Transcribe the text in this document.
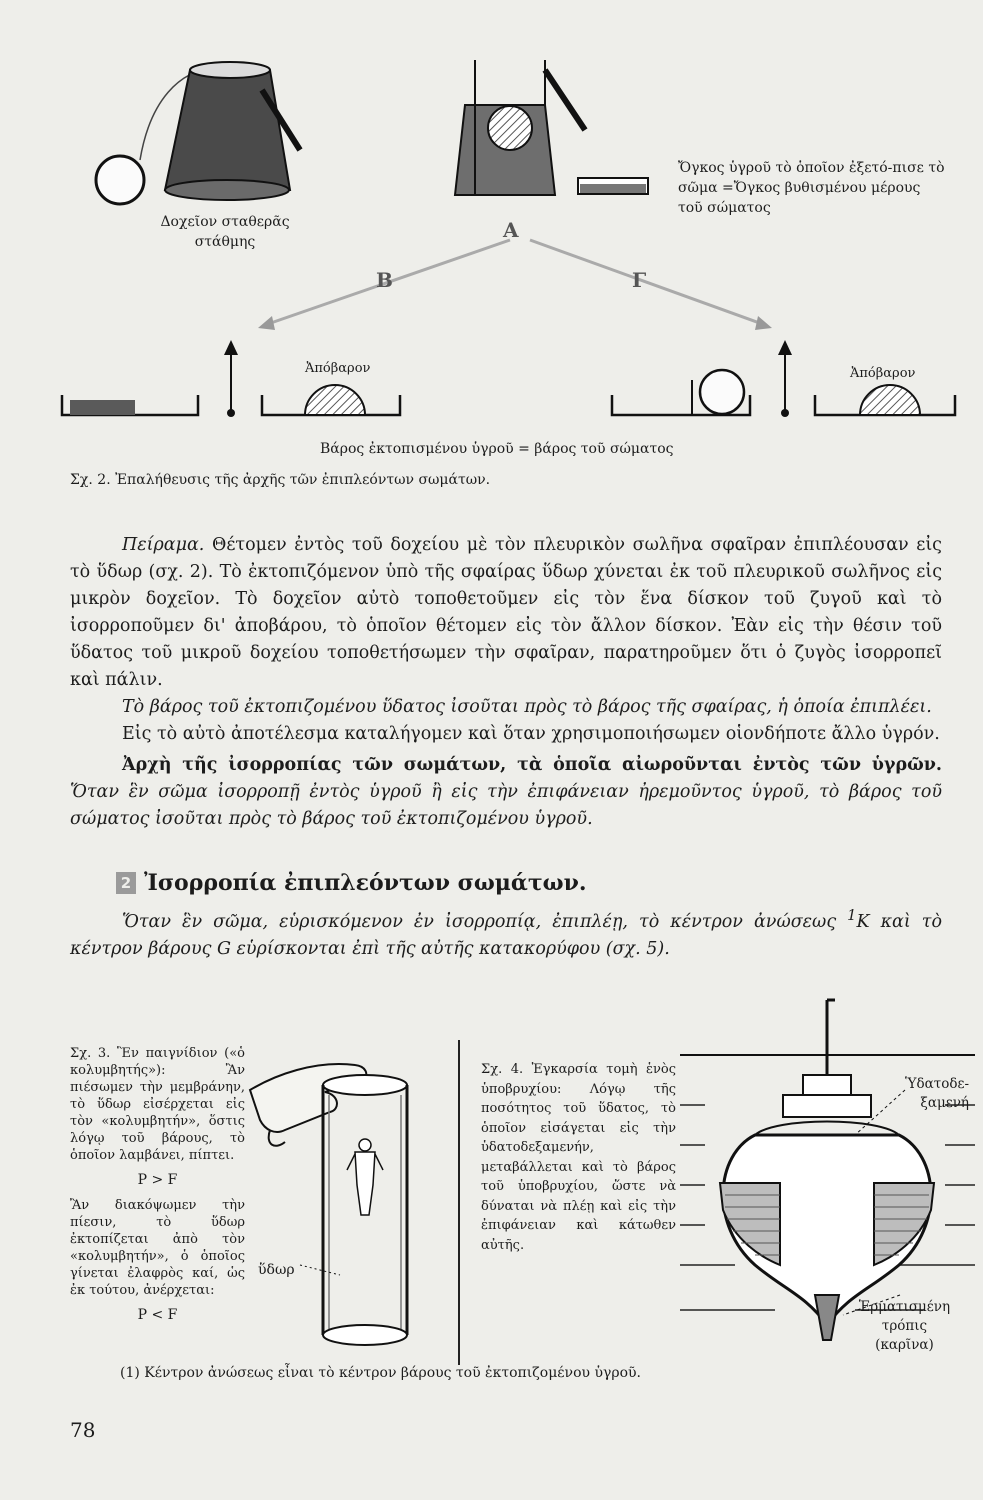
Δοχεῖον σταθερᾶς στάθμης
Ὄγκος ὑγροῦ τὸ ὁποῖον ἐξετό-πισε τὸ σῶμα =Ὄγκος βυθισμένου μέρους τοῦ σώματος
A
B	Γ
Ἀπόβαρον	Ἀπόβαρον
Βάρος ἐκτοπισμένου ὑγροῦ = βάρος τοῦ σώματος
Σχ. 2. Ἐπαλήθευσις τῆς ἀρχῆς τῶν ἐπιπλεόντων σωμάτων.

Πείραμα. Θέτομεν ἐντὸς τοῦ δοχείου μὲ τὸν πλευρικὸν σωλῆνα σφαῖραν ἐπιπλέουσαν εἰς τὸ ὕδωρ (σχ. 2). Τὸ ἐκτοπιζόμενον ὑπὸ τῆς σφαίρας ὕδωρ χύνεται ἐκ τοῦ πλευρικοῦ σωλῆνος εἰς μικρὸν δοχεῖον. Τὸ δοχεῖον αὐτὸ τοποθετοῦμεν εἰς τὸν ἕνα δίσκον τοῦ ζυγοῦ καὶ τὸ ἰσορροποῦμεν δι' ἀποβάρου, τὸ ὁποῖον θέτομεν εἰς τὸν ἄλλον δίσκον. Ἐὰν εἰς τὴν θέσιν τοῦ ὕδατος τοῦ μικροῦ δοχείου τοποθετήσωμεν τὴν σφαῖραν, παρατηροῦμεν ὅτι ὁ ζυγὸς ἰσορροπεῖ καὶ πάλιν.

Τὸ βάρος τοῦ ἐκτοπιζομένου ὕδατος ἰσοῦται πρὸς τὸ βάρος τῆς σφαίρας, ἡ ὁποία ἐπιπλέει.

Εἰς τὸ αὐτὸ ἀποτέλεσμα καταλήγομεν καὶ ὅταν χρησιμοποιήσωμεν οἱονδήποτε ἄλλο ὑγρόν.

Ἀρχὴ τῆς ἰσορροπίας τῶν σωμάτων, τὰ ὁποῖα αἰωροῦνται ἐντὸς τῶν ὑγρῶν. Ὅταν ἓν σῶμα ἰσορροπῇ ἐντὸς ὑγροῦ ἢ εἰς τὴν ἐπιφάνειαν ἠρεμοῦντος ὑγροῦ, τὸ βάρος τοῦ σώματος ἰσοῦται πρὸς τὸ βάρος τοῦ ἐκτοπιζομένου ὑγροῦ.

2 Ἰσορροπία ἐπιπλεόντων σωμάτων.

Ὅταν ἓν σῶμα, εὑρισκόμενον ἐν ἰσορροπίᾳ, ἐπιπλέῃ, τὸ κέντρον ἀνώσεως $^1$K καὶ τὸ κέντρον βάρους G εὑρίσκονται ἐπὶ τῆς αὐτῆς κατακορύφου (σχ. 5).

Σχ. 3. Ἓν παιγνίδιον («ὁ κολυμβητής»): Ἂν πιέσωμεν τὴν μεμβράνην, τὸ ὕδωρ εἰσέρχεται εἰς τὸν «κολυμβητήν», ὅστις λόγῳ τοῦ βάρους, τὸ ὁποῖον λαμβάνει, πίπτει.
P > F
Ἂν διακόψωμεν τὴν πίεσιν, τὸ ὕδωρ ἐκτοπίζεται ἀπὸ τὸν «κολυμβητήν», ὁ ὁποῖος γίνεται ἐλαφρὸς καί, ὡς ἐκ τούτου, ἀνέρχεται:
P < F
ὕδωρ
Σχ. 4. Ἐγκαρσία τομὴ ἑνὸς ὑποβρυχίου: Λόγῳ τῆς ποσότητος τοῦ ὕδατος, τὸ ὁποῖον εἰσάγεται εἰς τὴν ὑδατοδεξαμενήν, μεταβάλλεται καὶ τὸ βάρος τοῦ ὑποβρυχίου, ὥστε νὰ δύναται νὰ πλέῃ καὶ εἰς τὴν ἐπιφάνειαν καὶ κάτωθεν αὐτῆς.
Ὑδατοδε-
ξαμενή
Ἑρματισμένη
τρόπις
(καρῖνα)
(1) Κέντρον ἀνώσεως εἶναι τὸ κέντρον βάρους τοῦ ἐκτοπιζομένου ὑγροῦ.
78
